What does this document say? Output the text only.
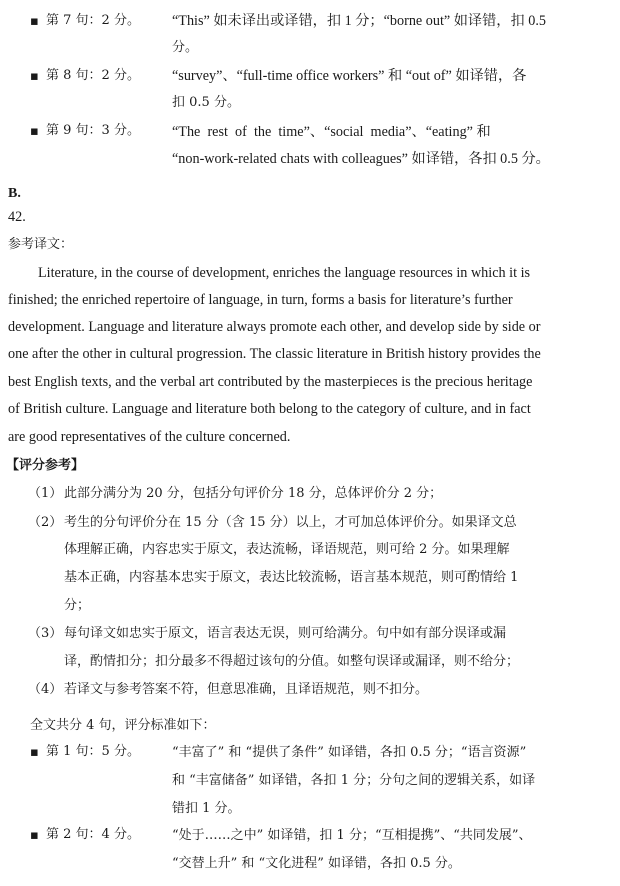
▪ 第 7 句：2 分。 “This” 如未译出或译错，扣 1 分；“borne out” 如译错，扣 0.5
分。
▪ 第 8 句：2 分。 “survey”、“full-time office workers” 和 “out of” 如译错，各
扣 0.5 分。
▪ 第 9 句：3 分。 “The  rest  of  the  time”、“social  media”、“eating” 和
“non-work-related chats with colleagues” 如译错，各扣 0.5 分。
B.
42.
参考译文：
Literature, in the course of development, enriches the language resources in which it is
finished; the enriched repertoire of language, in turn, forms a basis for literature’s further
development. Language and literature always promote each other, and develop side by side or
one after the other in cultural progression. The classic literature in British history provides the
best English texts, and the verbal art contributed by the masterpieces is the precious heritage
of British culture. Language and literature both belong to the category of culture, and in fact
are good representatives of the culture concerned.
【评分参考】
（1） 此部分满分为 20 分，包括分句评价分 18 分，总体评价分 2 分；
（2） 考生的分句评价分在 15 分（含 15 分）以上，才可加总体评价分。如果译文总
体理解正确，内容忠实于原文，表达流畅，译语规范，则可给 2 分。如果理解
基本正确，内容基本忠实于原文，表达比较流畅，语言基本规范，则可酌情给 1
分；
（3） 每句译文如忠实于原文，语言表达无误，则可给满分。句中如有部分误译或漏
译，酌情扣分；扣分最多不得超过该句的分值。如整句误译或漏译，则不给分；
（4） 若译文与参考答案不符，但意思准确，且译语规范，则不扣分。
全文共分 4 句，评分标准如下：
▪ 第 1 句：5 分。 “丰富了” 和 “提供了条件” 如译错，各扣 0.5 分；“语言资源”
和 “丰富储备” 如译错，各扣 1 分；分句之间的逻辑关系，如译
错扣 1 分。
▪ 第 2 句：4 分。 “处于……之中” 如译错，扣 1 分；“互相提携”、“共同发展”、
“交替上升” 和 “文化进程” 如译错，各扣 0.5 分。
